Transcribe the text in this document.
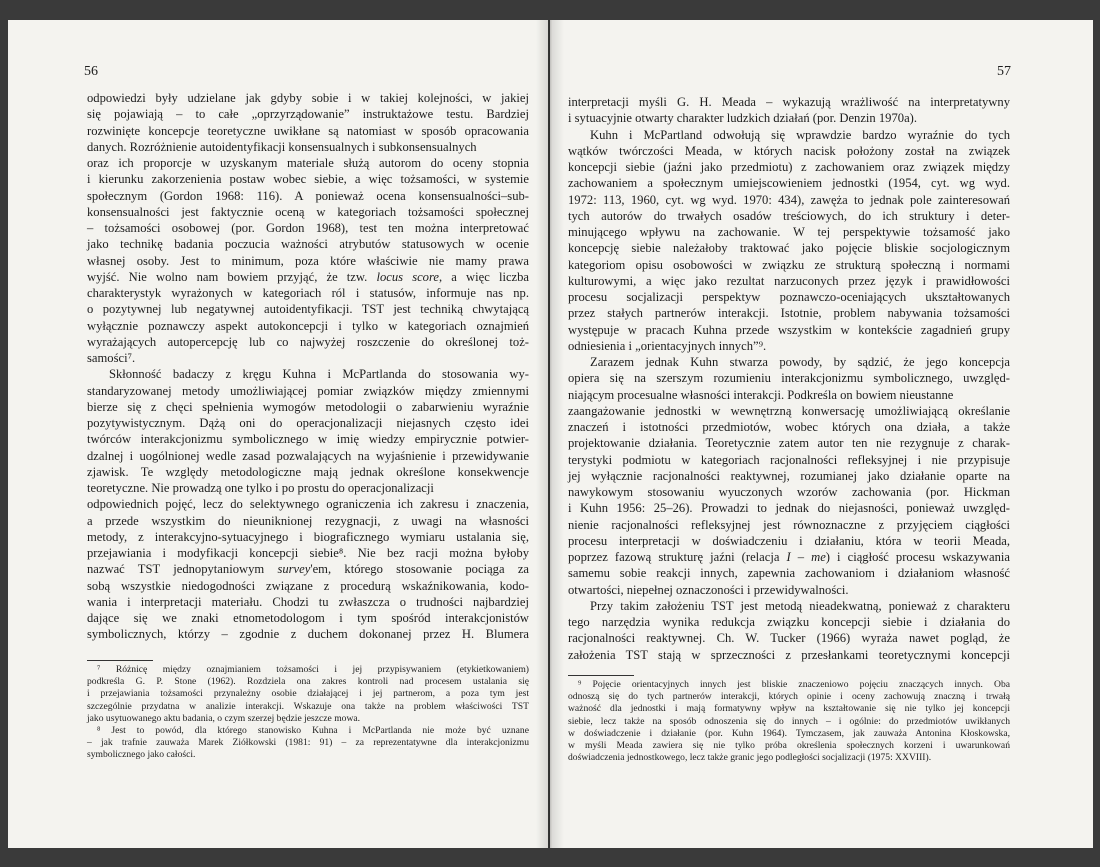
56
odpowiedzi były udzielane jak gdyby sobie i w takiej kolejności, w jakiej
się pojawiają – to całe „oprzyrządowanie” instruktażowe testu. Bardziej
rozwinięte koncepcje teoretyczne uwikłane są natomiast w sposób opracowania
danych. Rozróżnienie autoidentyfikacji konsensualnych i subkonsensualnych
oraz ich proporcje w uzyskanym materiale służą autorom do oceny stopnia
i kierunku zakorzenienia postaw wobec siebie, a więc tożsamości, w systemie
społecznym (Gordon 1968: 116). A ponieważ ocena konsensualności–sub-
konsensualności jest faktycznie oceną w kategoriach tożsamości społecznej
– tożsamości osobowej (por. Gordon 1968), test ten można interpretować
jako technikę badania poczucia ważności atrybutów statusowych w ocenie
własnej osoby. Jest to minimum, poza które właściwie nie mamy prawa
wyjść. Nie wolno nam bowiem przyjąć, że tzw. locus score, a więc liczba
charakterystyk wyrażonych w kategoriach ról i statusów, informuje nas np.
o pozytywnej lub negatywnej autoidentyfikacji. TST jest techniką chwytającą
wyłącznie poznawczy aspekt autokoncepcji i tylko w kategoriach oznajmień
wyrażających autopercepcję lub co najwyżej roszczenie do określonej toż-
samości⁷.
Skłonność badaczy z kręgu Kuhna i McPartlanda do stosowania wy-
standaryzowanej metody umożliwiającej pomiar związków między zmiennymi
bierze się z chęci spełnienia wymogów metodologii o zabarwieniu wyraźnie
pozytywistycznym. Dążą oni do operacjonalizacji niejasnych często idei
twórców interakcjonizmu symbolicznego w imię wiedzy empirycznie potwier-
dzalnej i uogólnionej wedle zasad pozwalających na wyjaśnienie i przewidywanie
zjawisk. Te względy metodologiczne mają jednak określone konsekwencje
teoretyczne. Nie prowadzą one tylko i po prostu do operacjonalizacji
odpowiednich pojęć, lecz do selektywnego ograniczenia ich zakresu i znaczenia,
a przede wszystkim do nieuniknionej rezygnacji, z uwagi na własności
metody, z interakcyjno-sytuacyjnego i biograficznego wymiaru ustalania się,
przejawiania i modyfikacji koncepcji siebie⁸. Nie bez racji można byłoby
nazwać TST jednopytaniowym survey'em, którego stosowanie pociąga za
sobą wszystkie niedogodności związane z procedurą wskaźnikowania, kodo-
wania i interpretacji materiału. Chodzi tu zwłaszcza o trudności najbardziej
dające się we znaki etnometodologom i tym spośród interakcjonistów
symbolicznych, którzy – zgodnie z duchem dokonanej przez H. Blumera
⁷ Różnicę między oznajmianiem tożsamości i jej przypisywaniem (etykietkowaniem)
podkreśla G. P. Stone (1962). Rozdziela ona zakres kontroli nad procesem ustalania się
i przejawiania tożsamości przynależny osobie działającej i jej partnerom, a poza tym jest
szczególnie przydatna w analizie interakcji. Wskazuje ona także na problem właściwości TST
jako usytuowanego aktu badania, o czym szerzej będzie jeszcze mowa.
⁸ Jest to powód, dla którego stanowisko Kuhna i McPartlanda nie może być uznane
– jak trafnie zauważa Marek Ziółkowski (1981: 91) – za reprezentatywne dla interakcjonizmu
symbolicznego jako całości.
57
interpretacji myśli G. H. Meada – wykazują wrażliwość na interpretatywny
i sytuacyjnie otwarty charakter ludzkich działań (por. Denzin 1970a).
Kuhn i McPartland odwołują się wprawdzie bardzo wyraźnie do tych
wątków twórczości Meada, w których nacisk położony został na związek
koncepcji siebie (jaźni jako przedmiotu) z zachowaniem oraz związek między
zachowaniem a społecznym umiejscowieniem jednostki (1954, cyt. wg wyd.
1972: 113, 1960, cyt. wg wyd. 1970: 434), zawęża to jednak pole zainteresowań
tych autorów do trwałych osadów treściowych, do ich struktury i deter-
minującego wpływu na zachowanie. W tej perspektywie tożsamość jako
koncepcję siebie należałoby traktować jako pojęcie bliskie socjologicznym
kategoriom opisu osobowości w związku ze strukturą społeczną i normami
kulturowymi, a więc jako rezultat narzuconych przez język i prawidłowości
procesu socjalizacji perspektyw poznawczo-oceniających ukształtowanych
przez stałych partnerów interakcji. Istotnie, problem nabywania tożsamości
występuje w pracach Kuhna przede wszystkim w kontekście zagadnień grupy
odniesienia i „orientacyjnych innych”⁹.
Zarazem jednak Kuhn stwarza powody, by sądzić, że jego koncepcja
opiera się na szerszym rozumieniu interakcjonizmu symbolicznego, uwzględ-
niającym procesualne własności interakcji. Podkreśla on bowiem nieustanne
zaangażowanie jednostki w wewnętrzną konwersację umożliwiającą określanie
znaczeń i istotności przedmiotów, wobec których ona działa, a także
projektowanie działania. Teoretycznie zatem autor ten nie rezygnuje z charak-
terystyki podmiotu w kategoriach racjonalności refleksyjnej i nie przypisuje
jej wyłącznie racjonalności reaktywnej, rozumianej jako działanie oparte na
nawykowym stosowaniu wyuczonych wzorów zachowania (por. Hickman
i Kuhn 1956: 25–26). Prowadzi to jednak do niejasności, ponieważ uwzględ-
nienie racjonalności refleksyjnej jest równoznaczne z przyjęciem ciągłości
procesu interpretacji w doświadczeniu i działaniu, która w teorii Meada,
poprzez fazową strukturę jaźni (relacja I – me) i ciągłość procesu wskazywania
samemu sobie reakcji innych, zapewnia zachowaniom i działaniom własność
otwartości, niepełnej oznaczoności i przewidywalności.
Przy takim założeniu TST jest metodą nieadekwatną, ponieważ z charakteru
tego narzędzia wynika redukcja związku koncepcji siebie i działania do
racjonalności reaktywnej. Ch. W. Tucker (1966) wyraża nawet pogląd, że
założenia TST stają w sprzeczności z przesłankami teoretycznymi koncepcji
⁹ Pojęcie orientacyjnych innych jest bliskie znaczeniowo pojęciu znaczących innych. Oba
odnoszą się do tych partnerów interakcji, których opinie i oceny zachowują znaczną i trwałą
ważność dla jednostki i mają formatywny wpływ na kształtowanie się nie tylko jej koncepcji
siebie, lecz także na sposób odnoszenia się do innych – i ogólnie: do przedmiotów uwikłanych
w doświadczenie i działanie (por. Kuhn 1964). Tymczasem, jak zauważa Antonina Kłoskowska,
w myśli Meada zawiera się nie tylko próba określenia społecznych korzeni i uwarunkowań
doświadczenia jednostkowego, lecz także granic jego podległości socjalizacji (1975: XXVIII).
